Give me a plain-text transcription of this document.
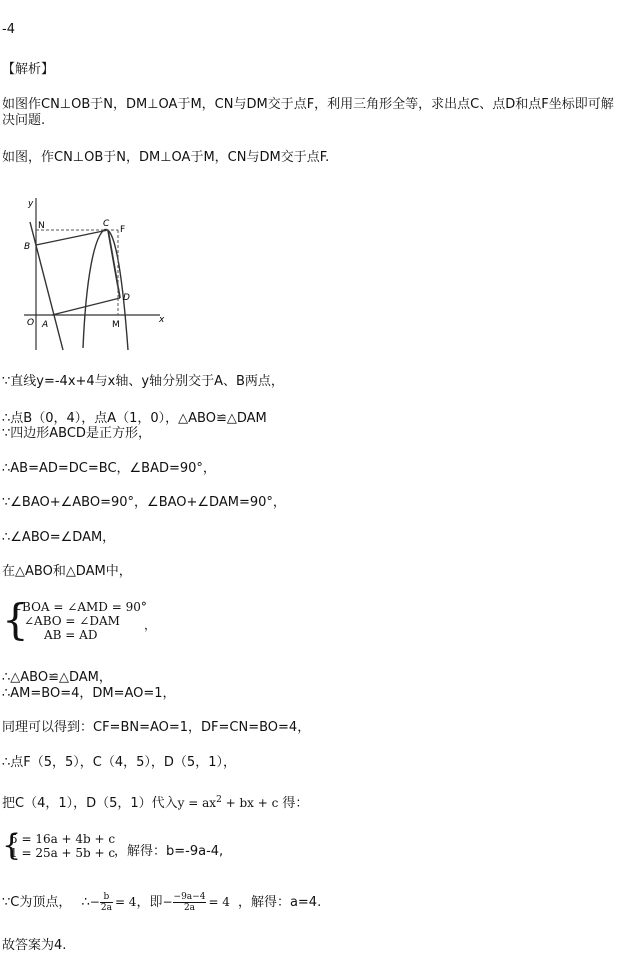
-4
【解析】
如图作CN⊥OB于N，DM⊥OA于M，CN与DM交于点F，利用三角形全等，求出点C、点D和点F坐标即可解决问题.
如图，作CN⊥OB于N，DM⊥OA于M，CN与DM交于点F.
x
y
N	C
F
B
D
O A	M
∵直线y=-4x+4与x轴、y轴分别交于A、B两点，
∴点B（0，4），点A（1，0），△ABO≌△DAM
∵四边形ABCD是正方形，
∴AB=AD=DC=BC，∠BAD=90°，
∵∠BAO+∠ABO=90°，∠BAO+∠DAM=90°，
∴∠ABO=∠DAM，
在△ABO和△DAM中，
{
∠BOA = ∠AMD = 90°
∠ABO = ∠DAM
AB = AD
，
∴△ABO≌△DAM，
∴AM=BO=4，DM=AO=1，
同理可以得到：CF=BN=AO=1，DF=CN=BO=4，
∴点F（5，5），C（4，5），D（5，1），
把C（4，1），D（5，1）代入$y = ax^2$ + bx + c 得：
{
5 = 16a + 4b + c
1 = 25a + 5b + c
，解得：b=-9a-4,
∵C为顶点， ∴− $\frac{b}{2a} = 4$，即− $\frac{-9a-4}{2a} = 4$ ，解得：a=4.
故答案为4.
